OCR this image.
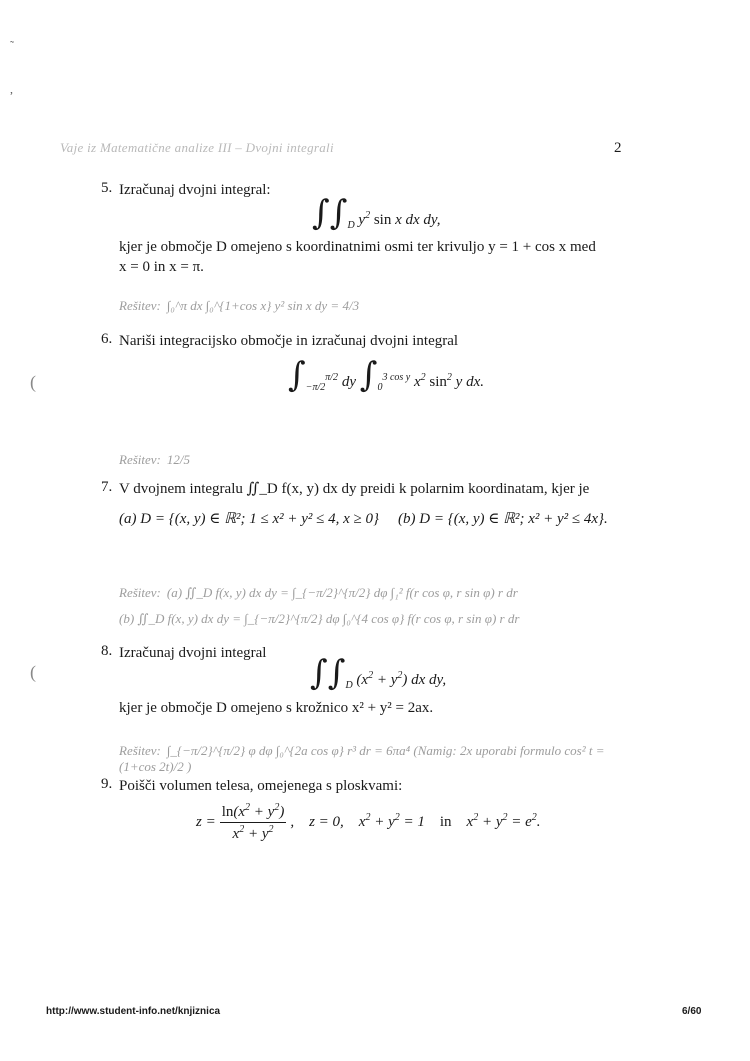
˜
,
(
(
Vaje iz Matematične analize III – Dvojni integrali	2
5. Izračunaj dvojni integral:
$\int\int_D$ $y^2$ sin x dx dy,
kjer je območje D omejeno s koordinatnimi osmi ter krivuljo y = 1 + cos x med
x = 0 in x = π.
Rešitev: ∫₀^π dx ∫₀^{1+cos x} y² sin x dy = 4/3
6. Nariši integracijsko območje in izračunaj dvojni integral
$\int_{-\pi/2}^{\pi/2}$ dy $\int_0^{3 cos y}$ $x^2$ $\sin^2 y$ dx.
Rešitev: 12/5
7. V dvojnem integralu ∬_D f(x, y) dx dy preidi k polarnim koordinatam, kjer je
(a) D = {(x, y) ∈ ℝ²; 1 ≤ x² + y² ≤ 4, x ≥ 0} (b) D = {(x, y) ∈ ℝ²; x² + y² ≤ 4x}.
Rešitev: (a) ∬_D f(x, y) dx dy = ∫_{−π/2}^{π/2} dφ ∫₁² f(r cos φ, r sin φ) r dr
(b) ∬_D f(x, y) dx dy = ∫_{−π/2}^{π/2} dφ ∫₀^{4 cos φ} f(r cos φ, r sin φ) r dr
8. Izračunaj dvojni integral $\int\int_D$ $(x^2 + y^2)$ dx dy,
kjer je območje D omejeno s krožnico x² + y² = 2ax.
Rešitev: ∫_{−π/2}^{π/2} φ dφ ∫₀^{2a cos φ} r³ dr = 6πa⁴ (Namig: 2x uporabi formulo cos² t = (1+cos 2t)/2 )
9. Poišči volumen telesa, omejenega s ploskvami:
$z = \frac{\ln(x^2 + y^2)}{x^2 + y^2}$ ,    z = 0,    $x^2 + y^2 = 1$    in    $x^2 + y^2 = e^2$.
http://www.student-info.net/knjiznica	6/60
